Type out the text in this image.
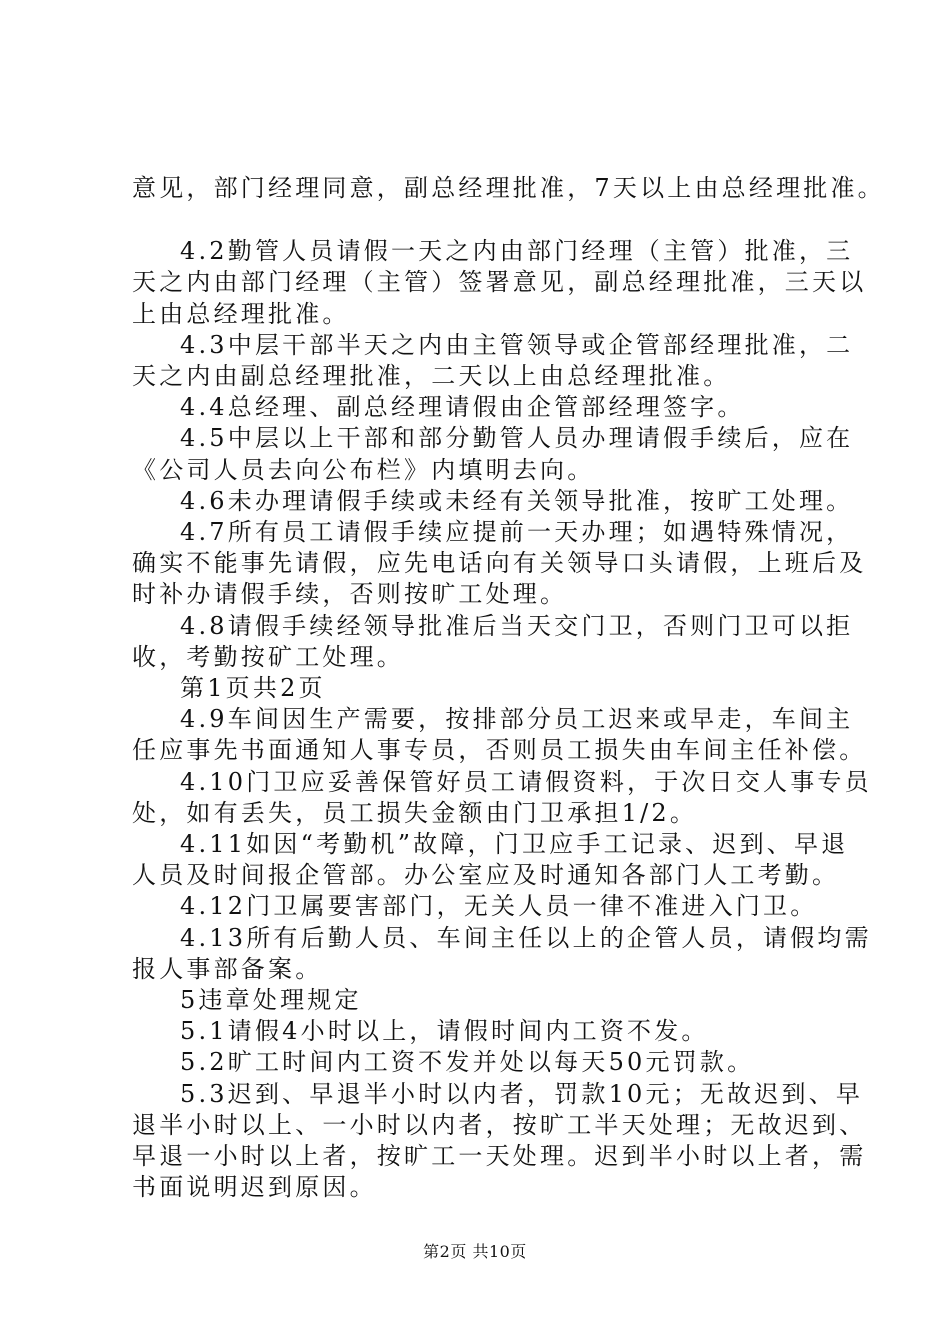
意见，部门经理同意，副总经理批准，7天以上由总经理批准。

4.2勤管人员请假一天之内由部门经理（主管）批准，三

天之内由部门经理（主管）签署意见，副总经理批准，三天以

上由总经理批准。

4.3中层干部半天之内由主管领导或企管部经理批准，二

天之内由副总经理批准，二天以上由总经理批准。

4.4总经理、副总经理请假由企管部经理签字。

4.5中层以上干部和部分勤管人员办理请假手续后，应在

《公司人员去向公布栏》内填明去向。

4.6未办理请假手续或未经有关领导批准，按旷工处理。

4.7所有员工请假手续应提前一天办理；如遇特殊情况，

确实不能事先请假，应先电话向有关领导口头请假，上班后及

时补办请假手续，否则按旷工处理。

4.8请假手续经领导批准后当天交门卫，否则门卫可以拒

收，考勤按矿工处理。

第1页共2页

4.9车间因生产需要，按排部分员工迟来或早走，车间主

任应事先书面通知人事专员，否则员工损失由车间主任补偿。

4.10门卫应妥善保管好员工请假资料，于次日交人事专员

处，如有丢失，员工损失金额由门卫承担1/2。

4.11如因“考勤机”故障，门卫应手工记录、迟到、早退

人员及时间报企管部。办公室应及时通知各部门人工考勤。

4.12门卫属要害部门，无关人员一律不准进入门卫。

4.13所有后勤人员、车间主任以上的企管人员，请假均需

报人事部备案。

5违章处理规定

5.1请假4小时以上，请假时间内工资不发。

5.2旷工时间内工资不发并处以每天50元罚款。

5.3迟到、早退半小时以内者，罚款10元；无故迟到、早

退半小时以上、一小时以内者，按旷工半天处理；无故迟到、

早退一小时以上者，按旷工一天处理。迟到半小时以上者，需

书面说明迟到原因。

第2页 共10页
